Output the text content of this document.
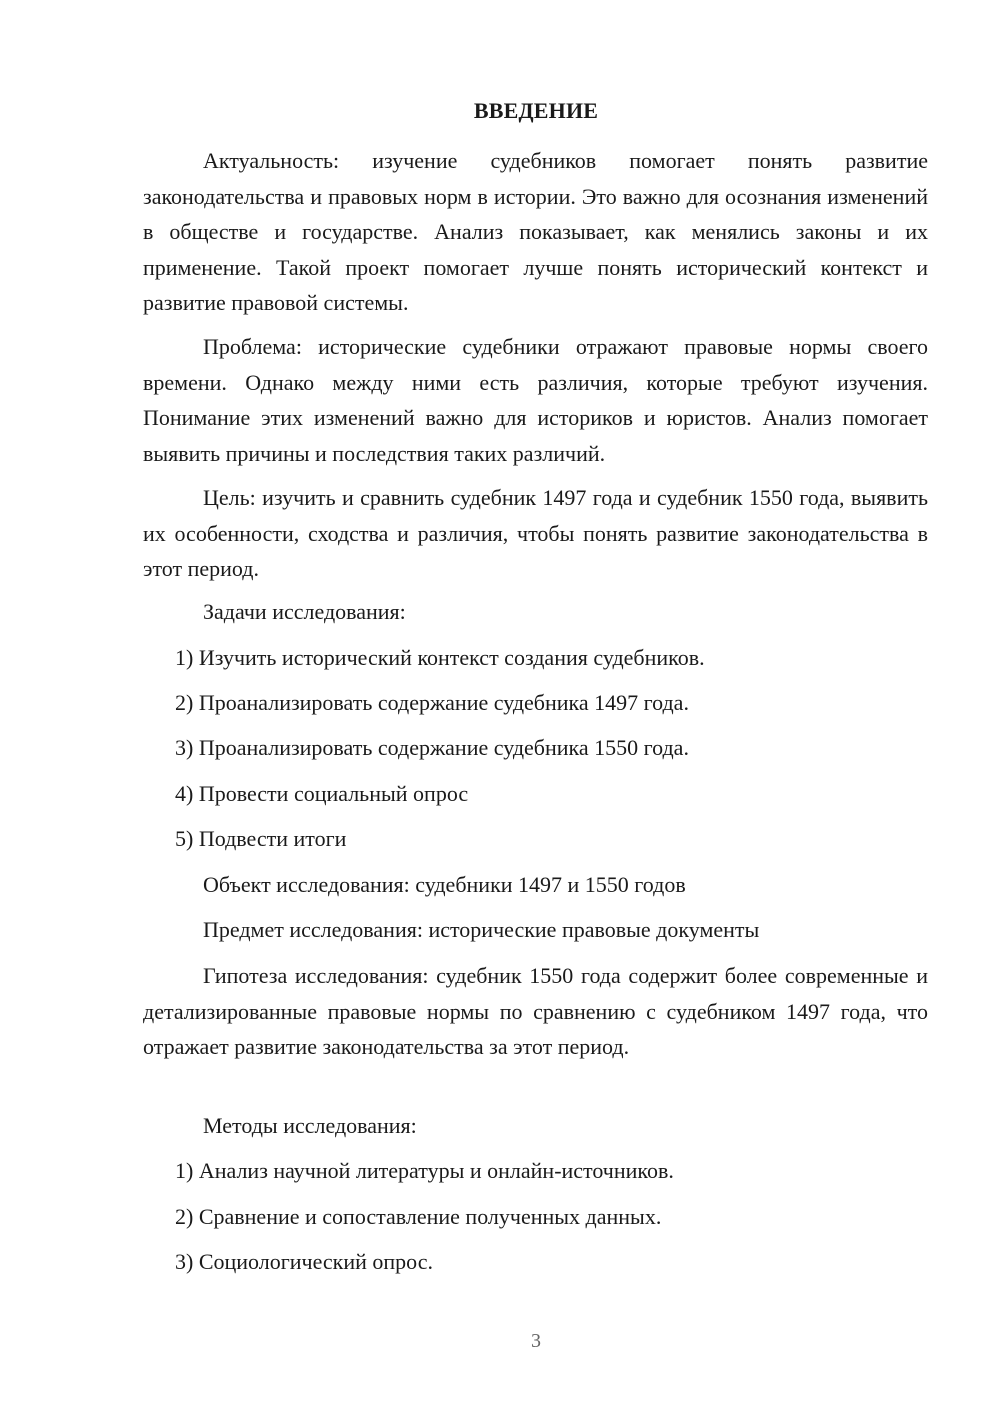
ВВЕДЕНИЕ

Актуальность: изучение судебников помогает понять развитие законодательства и правовых норм в истории. Это важно для осознания изменений в обществе и государстве. Анализ показывает, как менялись законы и их применение. Такой проект помогает лучше понять исторический контекст и развитие правовой системы.

Проблема: исторические судебники отражают правовые нормы своего времени. Однако между ними есть различия, которые требуют изучения. Понимание этих изменений важно для историков и юристов. Анализ помогает выявить причины и последствия таких различий.

Цель: изучить и сравнить судебник 1497 года и судебник 1550 года, выявить их особенности, сходства и различия, чтобы понять развитие законодательства в этот период.

Задачи исследования:

1) Изучить исторический контекст создания судебников.

2) Проанализировать содержание судебника 1497 года.

3) Проанализировать содержание судебника 1550 года.

4) Провести социальный опрос

5) Подвести итоги

Объект исследования: судебники 1497 и 1550 годов

Предмет исследования: исторические правовые документы

Гипотеза исследования: судебник 1550 года содержит более современные и детализированные правовые нормы по сравнению с судебником 1497 года, что отражает развитие законодательства за этот период.

Методы исследования:

1) Анализ научной литературы и онлайн-источников.

2) Сравнение и сопоставление полученных данных.

3) Социологический опрос.

3
